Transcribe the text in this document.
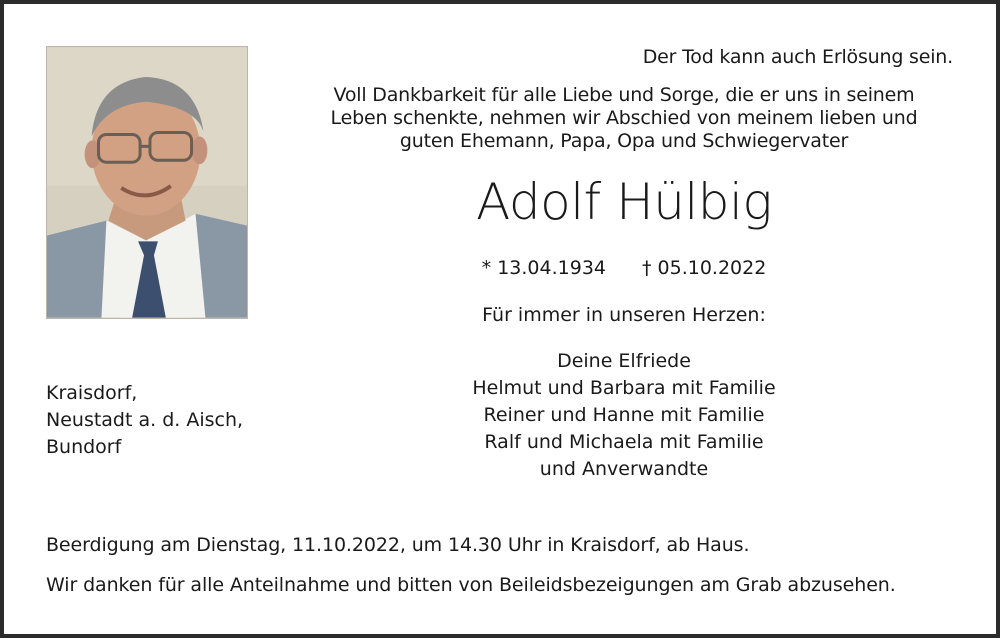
Der Tod kann auch Erlösung sein.
Voll Dankbarkeit für alle Liebe und Sorge, die er uns in seinem
Leben schenkte, nehmen wir Abschied von meinem lieben und
guten Ehemann, Papa, Opa und Schwiegervater
Adolf Hülbig
* 13.04.1934 † 05.10.2022
Für immer in unseren Herzen:
Deine Elfriede
Helmut und Barbara mit Familie
Reiner und Hanne mit Familie
Ralf und Michaela mit Familie
und Anverwandte
Kraisdorf,
Neustadt a. d. Aisch,
Bundorf
Beerdigung am Dienstag, 11.10.2022, um 14.30 Uhr in Kraisdorf, ab Haus.
Wir danken für alle Anteilnahme und bitten von Beileidsbezeigungen am Grab abzusehen.
